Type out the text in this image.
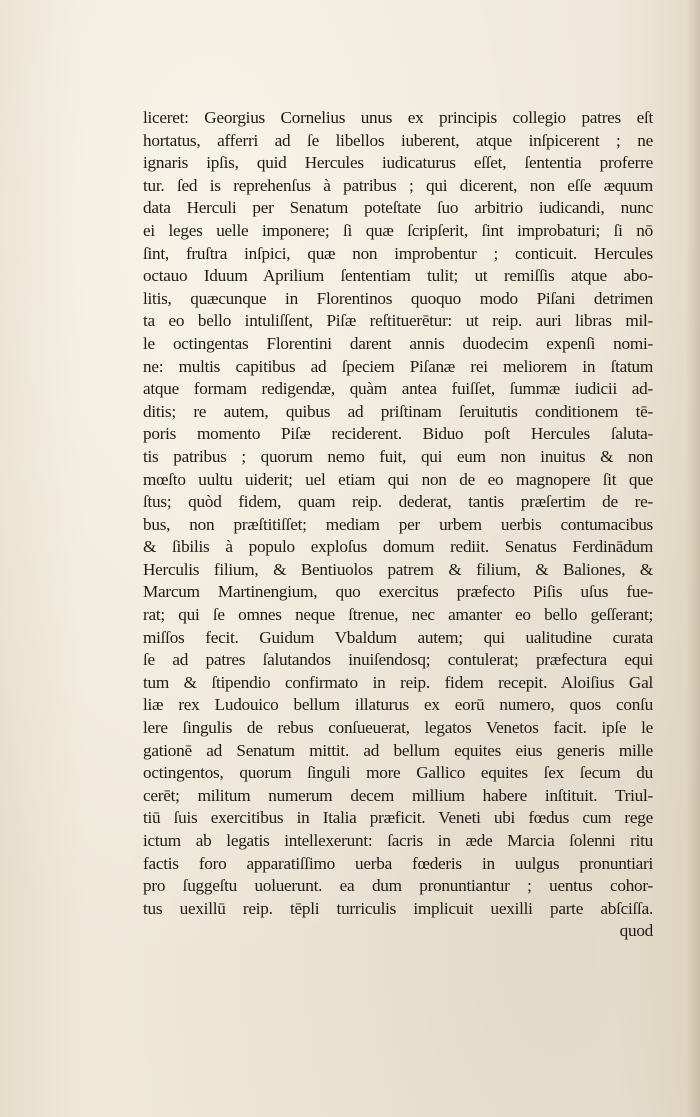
liceret: Georgius Cornelius unus ex principis collegio patres eſt
hortatus, afferri ad ſe libellos iuberent, atque inſpicerent ; ne
ignaris ipſis, quid Hercules iudicaturus eſſet, ſententia proferre
tur. ſed is reprehenſus à patribus ; qui dicerent, non eſſe æquum
data Herculi per Senatum poteſtate ſuo arbitrio iudicandi, nunc
ei leges uelle imponere; ſi quæ ſcripſerit, ſint improbaturi; ſi nō
ſint, fruſtra inſpici, quæ non improbentur ; conticuit. Hercules
octauo Iduum Aprilium ſententiam tulit; ut remiſſis atque abo-
litis, quæcunque in Florentinos quoquo modo Piſani detrimen
ta eo bello intuliſſent, Piſæ reſtituerētur: ut reip. auri libras mil-
le octingentas Florentini darent annis duodecim expenſi nomi-
ne: multis capitibus ad ſpeciem Piſanæ rei meliorem in ſtatum
atque formam redigendæ, quàm antea fuiſſet, ſummæ iudicii ad-
ditis; re autem, quibus ad priſtinam ſeruitutis conditionem tē-
poris momento Piſæ reciderent. Biduo poſt Hercules ſaluta-
tis patribus ; quorum nemo fuit, qui eum non inuitus & non
mœſto uultu uiderit; uel etiam qui non de eo magnopere ſit que
ſtus; quòd fidem, quam reip. dederat, tantis præſertim de re-
bus, non præſtitiſſet; mediam per urbem uerbis contumacibus
& ſibilis à populo exploſus domum rediit. Senatus Ferdinādum
Herculis filium, & Bentiuolos patrem & filium, & Baliones, &
Marcum Martinengium, quo exercitus præfecto Piſis uſus fue-
rat; qui ſe omnes neque ſtrenue, nec amanter eo bello geſſerant;
miſſos fecit. Guidum Vbaldum autem; qui ualitudine curata
ſe ad patres ſalutandos inuiſendosq; contulerat; præfectura equi
tum & ſtipendio confirmato in reip. fidem recepit. Aloiſius Gal
liæ rex Ludouico bellum illaturus ex eorū numero, quos conſu
lere ſingulis de rebus conſueuerat, legatos Venetos facit. ipſe le
gationē ad Senatum mittit. ad bellum equites eius generis mille
octingentos, quorum ſinguli more Gallico equites ſex ſecum du
cerēt; militum numerum decem millium habere inſtituit. Triul-
tiū ſuis exercitibus in Italia præficit. Veneti ubi fœdus cum rege
ictum ab legatis intellexerunt: ſacris in æde Marcia ſolenni ritu
factis foro apparatiſſimo uerba fœderis in uulgus pronuntiari
pro ſuggeſtu uoluerunt. ea dum pronuntiantur ; uentus cohor-
tus uexillū reip. tēpli turriculis implicuit uexilli parte abſciſſa.
quod
